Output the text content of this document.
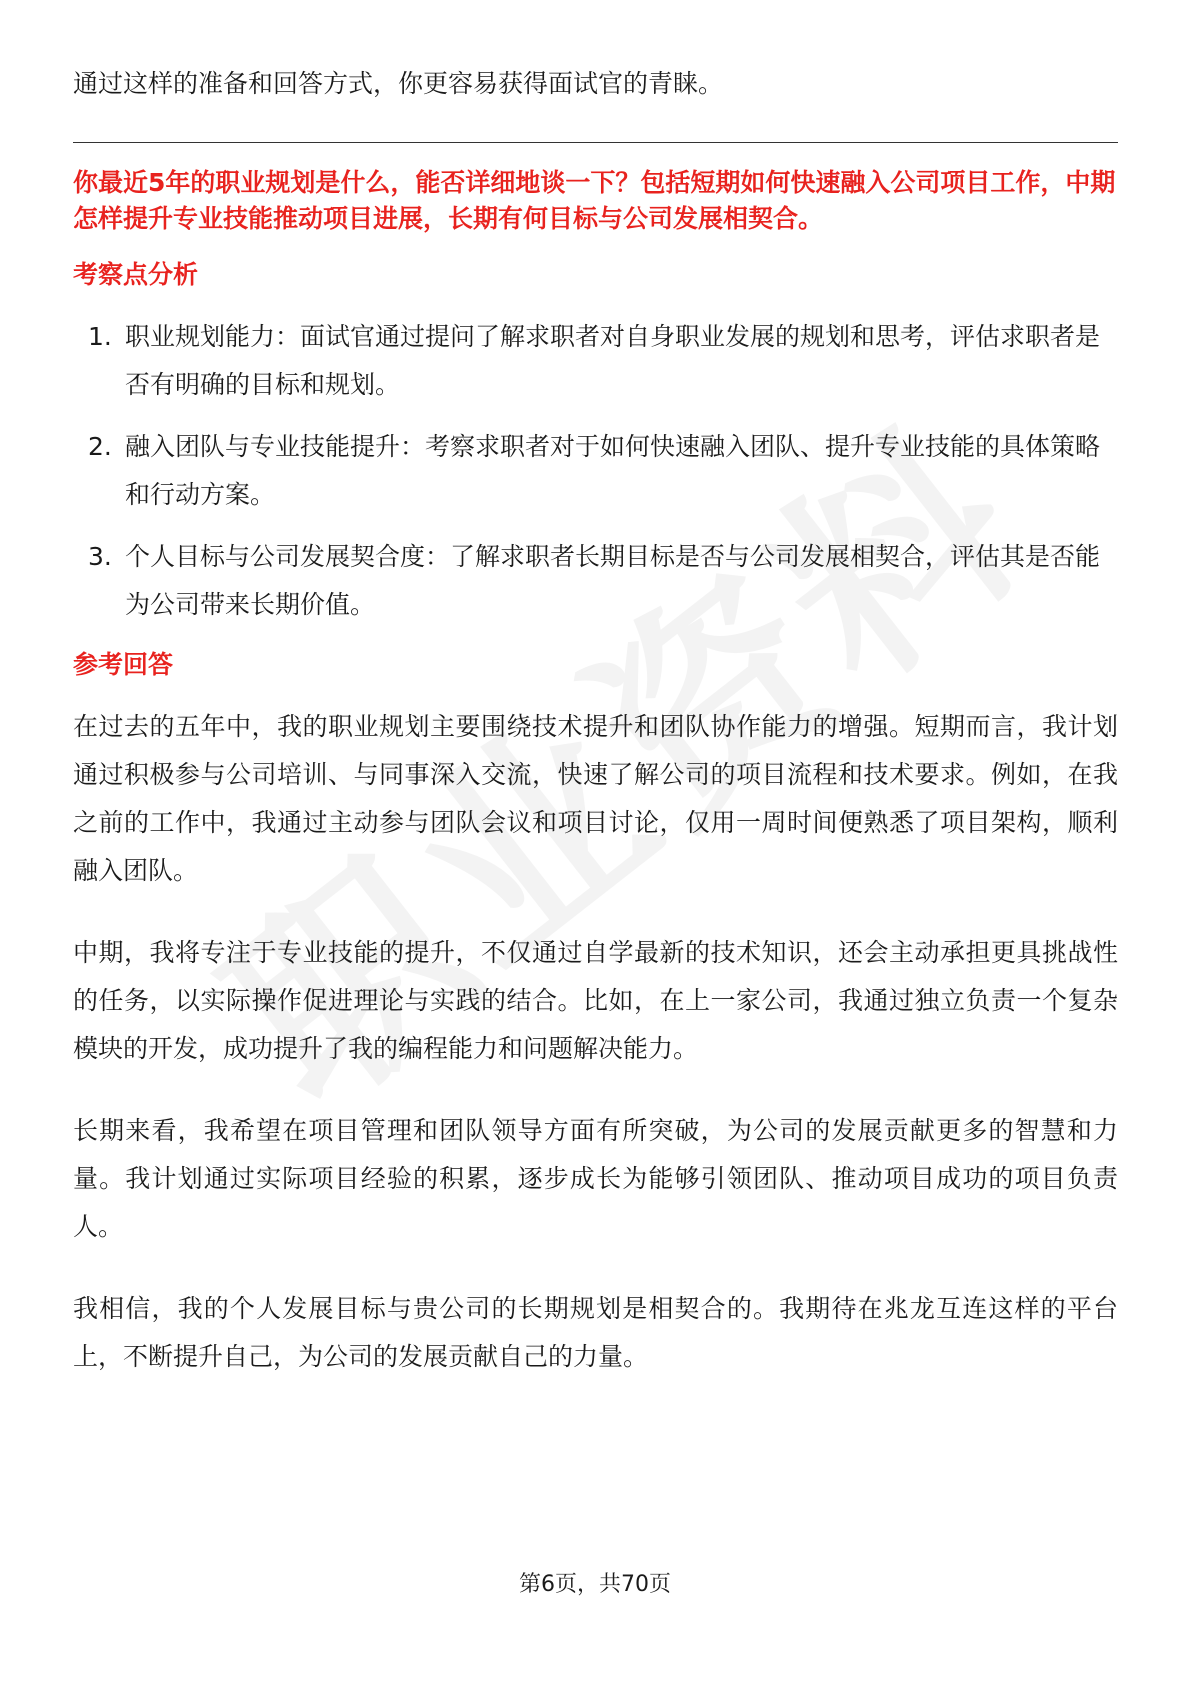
通过这样的准备和回答方式，你更容易获得面试官的青睐。

你最近5年的职业规划是什么，能否详细地谈一下？包括短期如何快速融入公司项目工作，中期怎样提升专业技能推动项目进展，长期有何目标与公司发展相契合。

考察点分析

1. 职业规划能力：面试官通过提问了解求职者对自身职业发展的规划和思考，评估求职者是否有明确的目标和规划。
2. 融入团队与专业技能提升：考察求职者对于如何快速融入团队、提升专业技能的具体策略和行动方案。
3. 个人目标与公司发展契合度：了解求职者长期目标是否与公司发展相契合，评估其是否能为公司带来长期价值。

参考回答

在过去的五年中，我的职业规划主要围绕技术提升和团队协作能力的增强。短期而言，我计划通过积极参与公司培训、与同事深入交流，快速了解公司的项目流程和技术要求。例如，在我之前的工作中，我通过主动参与团队会议和项目讨论，仅用一周时间便熟悉了项目架构，顺利融入团队。

中期，我将专注于专业技能的提升，不仅通过自学最新的技术知识，还会主动承担更具挑战性的任务，以实际操作促进理论与实践的结合。比如，在上一家公司，我通过独立负责一个复杂模块的开发，成功提升了我的编程能力和问题解决能力。

长期来看，我希望在项目管理和团队领导方面有所突破，为公司的发展贡献更多的智慧和力量。我计划通过实际项目经验的积累，逐步成长为能够引领团队、推动项目成功的项目负责人。

我相信，我的个人发展目标与贵公司的长期规划是相契合的。我期待在兆龙互连这样的平台上，不断提升自己，为公司的发展贡献自己的力量。

第6页，共70页
